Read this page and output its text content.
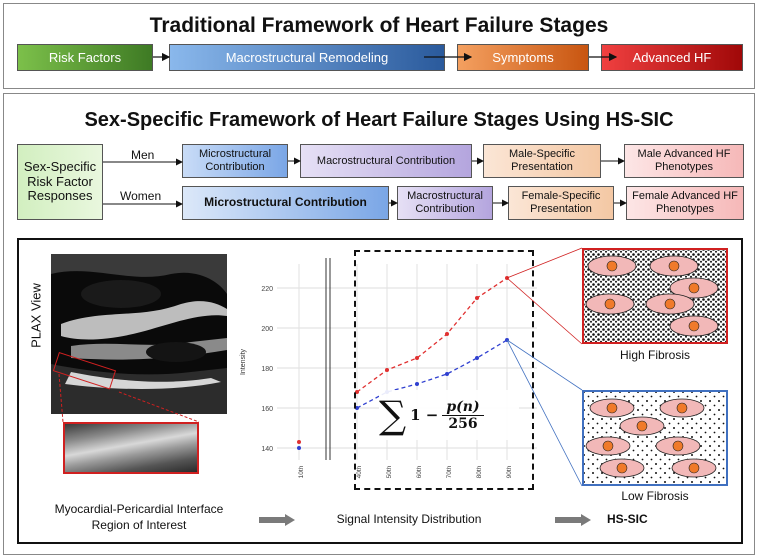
Traditional Framework of Heart Failure Stages
Risk Factors	Macrostructural Remodeling	Symptoms	Advanced HF
Sex-Specific Framework of Heart Failure Stages Using HS-SIC
Sex-Specific Risk Factor Responses
Men
Women
Microstructural Contribution
Macrostructural Contribution
Male-Specific Presentation
Male Advanced HF Phenotypes
Microstructural Contribution	Macrostructural Contribution
Female-Specific Presentation
Female Advanced HF Phenotypes
PLAX View
Myocardial-Pericardial Interface
Region of Interest	Signal Intensity Distribution	HS-SIC
140
160
180
200
220
10th	40th	50th	60th	70th	80th	90th
Intensity
∑ $1 - \frac{p(n)}{256}$
High Fibrosis
Low Fibrosis
